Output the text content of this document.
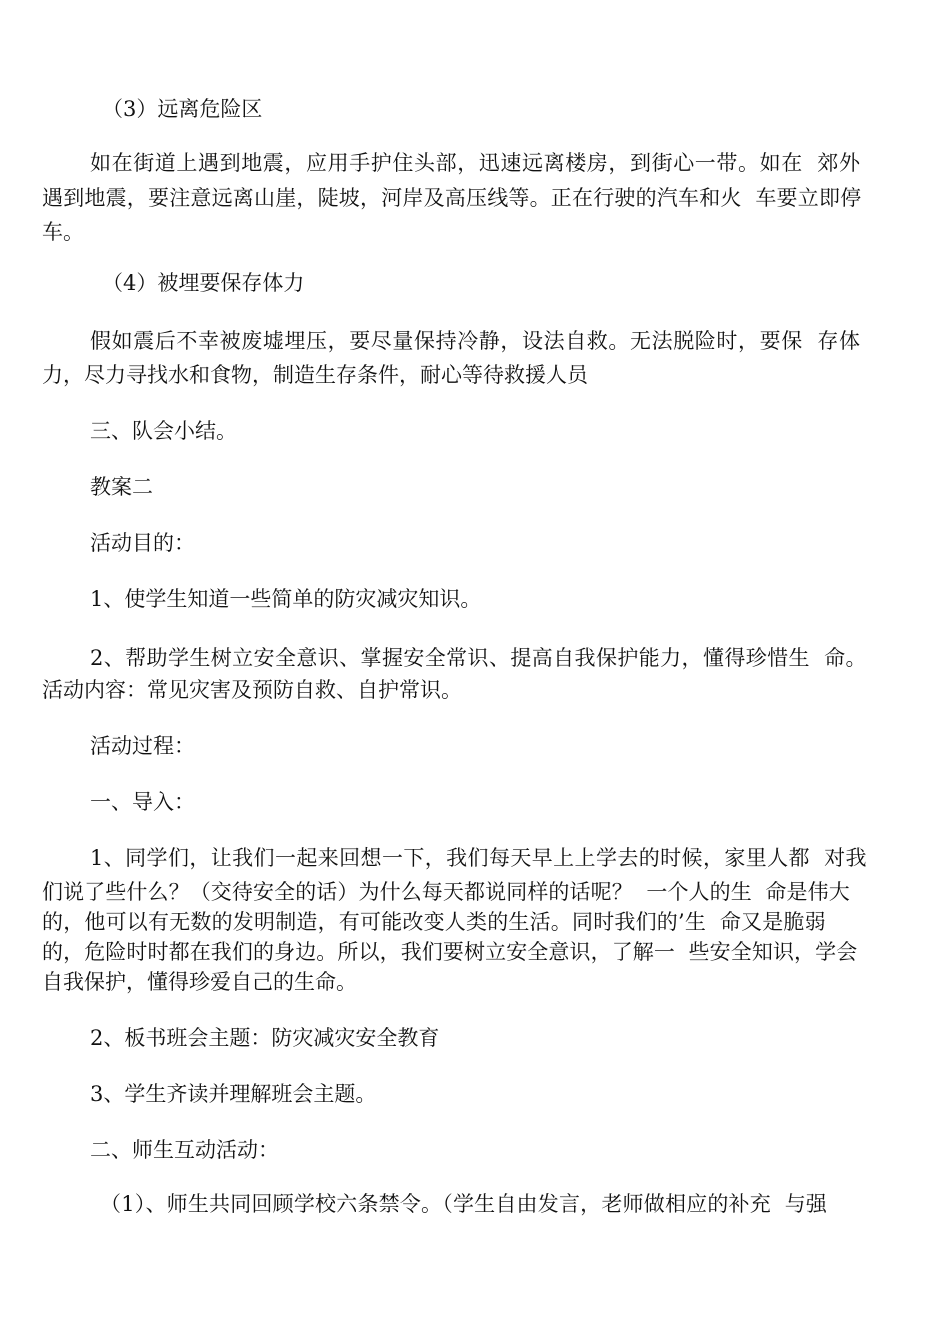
（3）远离危险区
如在街道上遇到地震，应用手护住头部，迅速远离楼房，到街心一带。如在  郊外
遇到地震，要注意远离山崖，陡坡，河岸及高压线等。正在行驶的汽车和火  车要立即停
车。
（4）被埋要保存体力
假如震后不幸被废墟埋压，要尽量保持冷静，设法自救。无法脱险时，要保  存体
力，尽力寻找水和食物，制造生存条件，耐心等待救援人员
三、队会小结。
教案二
活动目的：
1、使学生知道一些简单的防灾减灾知识。
2、帮助学生树立安全意识、掌握安全常识、提高自我保护能力，懂得珍惜生  命。
活动内容：常见灾害及预防自救、自护常识。
活动过程：
一、导入：
1、同学们，让我们一起来回想一下，我们每天早上上学去的时候，家里人都  对我
们说了些什么？（交待安全的话）为什么每天都说同样的话呢？  一个人的生  命是伟大
的，他可以有无数的发明制造，有可能改变人类的生活。同时我们的’生  命又是脆弱
的，危险时时都在我们的身边。所以，我们要树立安全意识，了解一  些安全知识，学会
自我保护，懂得珍爱自己的生命。
2、板书班会主题：防灾减灾安全教育
3、学生齐读并理解班会主题。
二、师生互动活动：
（1）、师生共同回顾学校六条禁令。（学生自由发言，老师做相应的补充  与强
